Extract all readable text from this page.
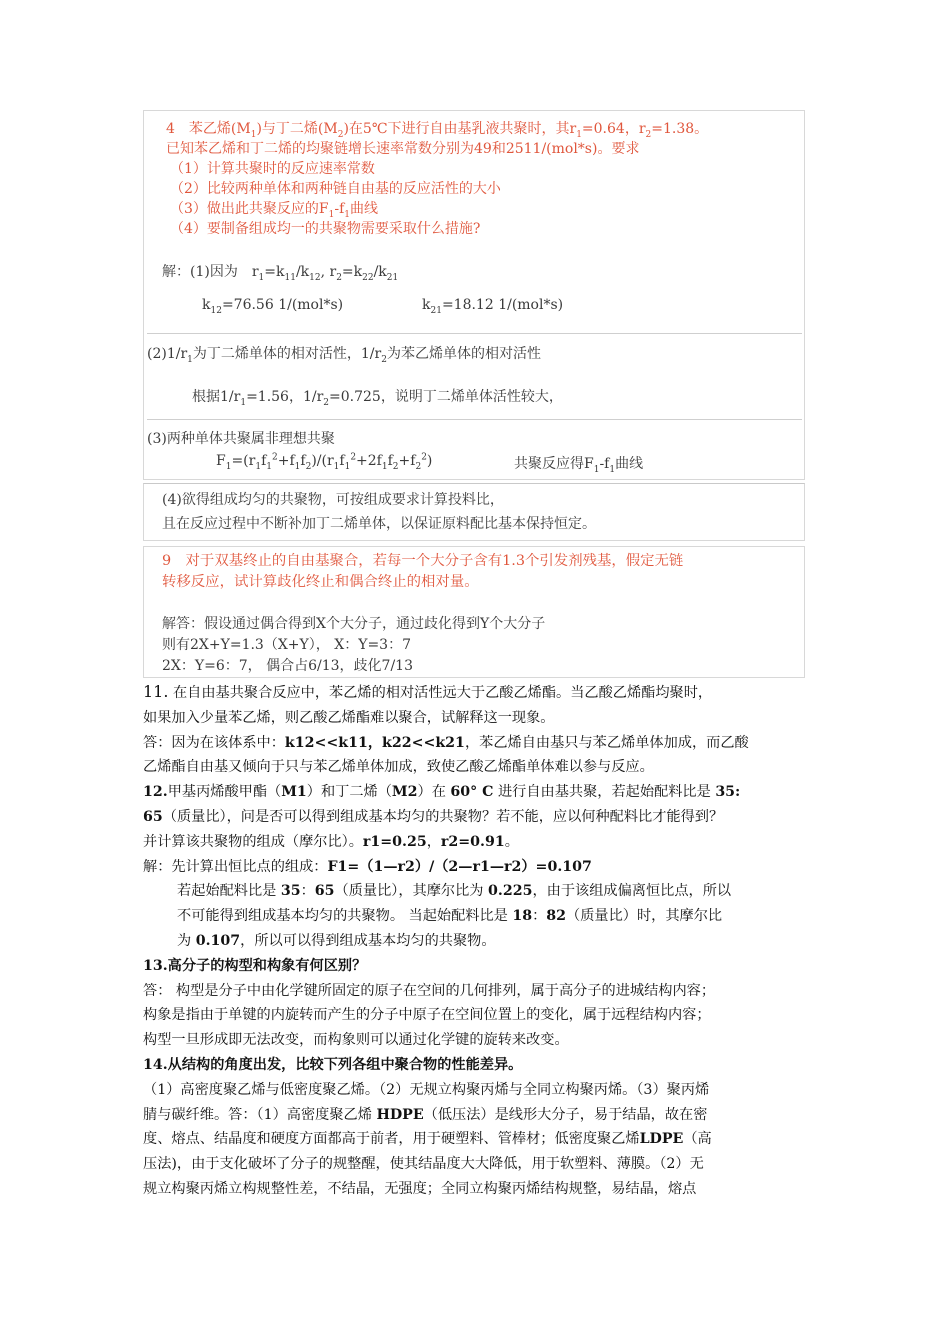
4　苯乙烯$(M_1)$与丁二烯$(M_2)$在5℃下进行自由基乳液共聚时，其$r_1=0.64$，$r_2=1.38$。
已知苯乙烯和丁二烯的均聚链增长速率常数分别为49和2511/(mol*s)。要求
（1）计算共聚时的反应速率常数
（2）比较两种单体和两种链自由基的反应活性的大小
（3）做出此共聚反应的$F_1-f_1$曲线
（4）要制备组成均一的共聚物需要采取什么措施?
解：(1)因为　$r_1=k_{11}/k_{12}$, $r_2=k_{22}/k_{21}$
$k_{12}=76.56$ 1/(mol*s)	$k_{21}=18.12$ 1/(mol*s)
$(2)1/r_1$为丁二烯单体的相对活性，$1/r_2$为苯乙烯单体的相对活性
根据$1/r_1=1.56$，$1/r_2=0.725$，说明丁二烯单体活性较大，
(3)两种单体共聚属非理想共聚
$F_1=(r_1f_1^2+f_1f_2)/(r_1f_1^2+2f_1f_2+f_2^2)$	共聚反应得$F_1-f_1$曲线
(4)欲得组成均匀的共聚物，可按组成要求计算投料比，
且在反应过程中不断补加丁二烯单体，以保证原料配比基本保持恒定。
9　对于双基终止的自由基聚合，若每一个大分子含有1.3个引发剂残基，假定无链
转移反应，试计算歧化终止和偶合终止的相对量。
解答：假设通过偶合得到X个大分子，通过歧化得到Y个大分子
则有2X+Y=1.3（X+Y）， X：Y=3：7
2X：Y=6：7， 偶合占6/13，歧化7/13

11. 在自由基共聚合反应中，苯乙烯的相对活性远大于乙酸乙烯酯。当乙酸乙烯酯均聚时，

如果加入少量苯乙烯，则乙酸乙烯酯难以聚合，试解释这一现象。

答：因为在该体系中：k12<<k11，k22<<k21，苯乙烯自由基只与苯乙烯单体加成，而乙酸

乙烯酯自由基又倾向于只与苯乙烯单体加成，致使乙酸乙烯酯单体难以参与反应。

12.甲基丙烯酸甲酯（M1）和丁二烯（M2）在 60° C 进行自由基共聚，若起始配料比是 35:

65（质量比），问是否可以得到组成基本均匀的共聚物？若不能，应以何种配料比才能得到？

并计算该共聚物的组成（摩尔比）。r1=0.25，r2=0.91。

解：先计算出恒比点的组成：F1=（1—r2）/（2—r1—r2）=0.107

若起始配料比是 35：65（质量比），其摩尔比为 0.225，由于该组成偏离恒比点，所以

不可能得到组成基本均匀的共聚物。 当起始配料比是 18：82（质量比）时，其摩尔比

为 0.107，所以可以得到组成基本均匀的共聚物。

13.高分子的构型和构象有何区别？

答： 构型是分子中由化学键所固定的原子在空间的几何排列，属于高分子的进城结构内容；

构象是指由于单键的内旋转而产生的分子中原子在空间位置上的变化，属于远程结构内容；

构型一旦形成即无法改变，而构象则可以通过化学键的旋转来改变。

14.从结构的角度出发，比较下列各组中聚合物的性能差异。

（1）高密度聚乙烯与低密度聚乙烯。（2）无规立构聚丙烯与全同立构聚丙烯。（3）聚丙烯

腈与碳纤维。答：（1）高密度聚乙烯 HDPE（低压法）是线形大分子，易于结晶，故在密

度、熔点、结晶度和硬度方面都高于前者，用于硬塑料、管棒材；低密度聚乙烯LDPE（高

压法)，由于支化破坏了分子的规整醒，使其结晶度大大降低，用于软塑料、薄膜。（2）无

规立构聚丙烯立构规整性差，不结晶，无强度；全同立构聚丙烯结构规整，易结晶，熔点
